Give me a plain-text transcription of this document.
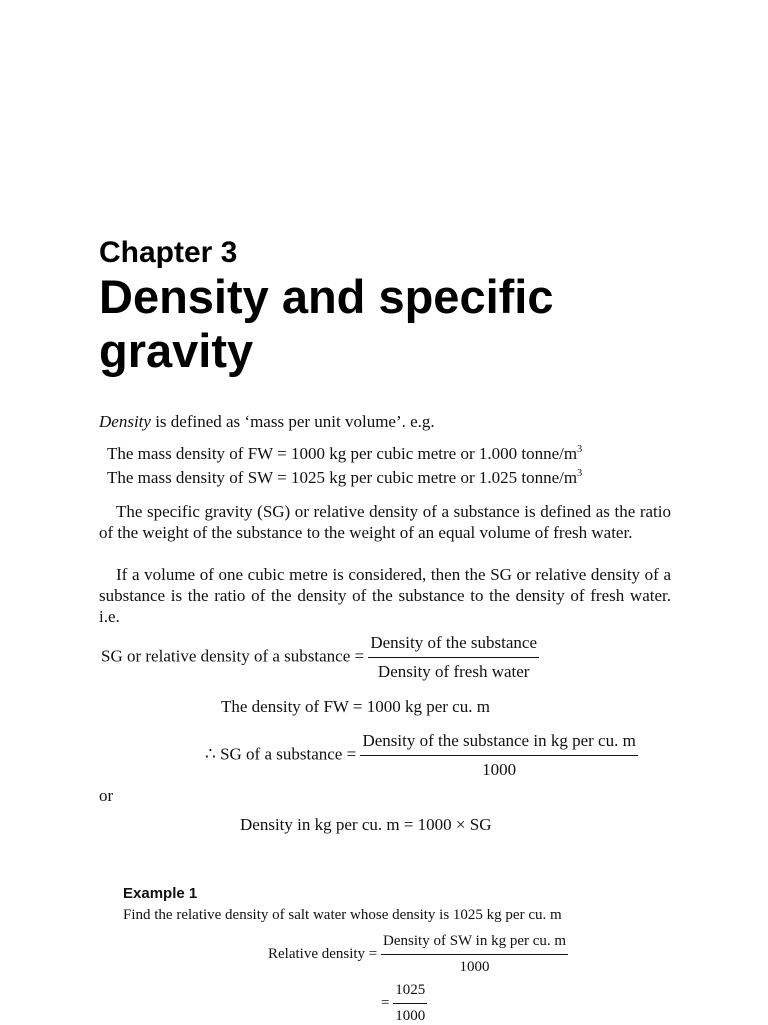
Chapter 3
Density and specific gravity
Density is defined as ‘mass per unit volume’. e.g.
The mass density of FW = 1000 kg per cubic metre or 1.000 tonne/$m^3$
The mass density of SW = 1025 kg per cubic metre or 1.025 tonne/$m^3$
The specific gravity (SG) or relative density of a substance is defined as the ratio of the weight of the substance to the weight of an equal volume of fresh water.
If a volume of one cubic metre is considered, then the SG or relative density of a substance is the ratio of the density of the substance to the density of fresh water. i.e.
SG or relative density of a substance = $\frac{\text{Density of the substance}}{\text{Density of fresh water}}$
The density of FW = 1000 kg per cu. m
∴ SG of a substance = $\frac{\text{Density of the substance in kg per cu. m}}{1000}$
or
Density in kg per cu. m = 1000 × SG
Example 1
Find the relative density of salt water whose density is 1025 kg per cu. m
Relative density = $\frac{\text{Density of SW in kg per cu. m}}{1000}$
= $\frac{1025}{1000}$
